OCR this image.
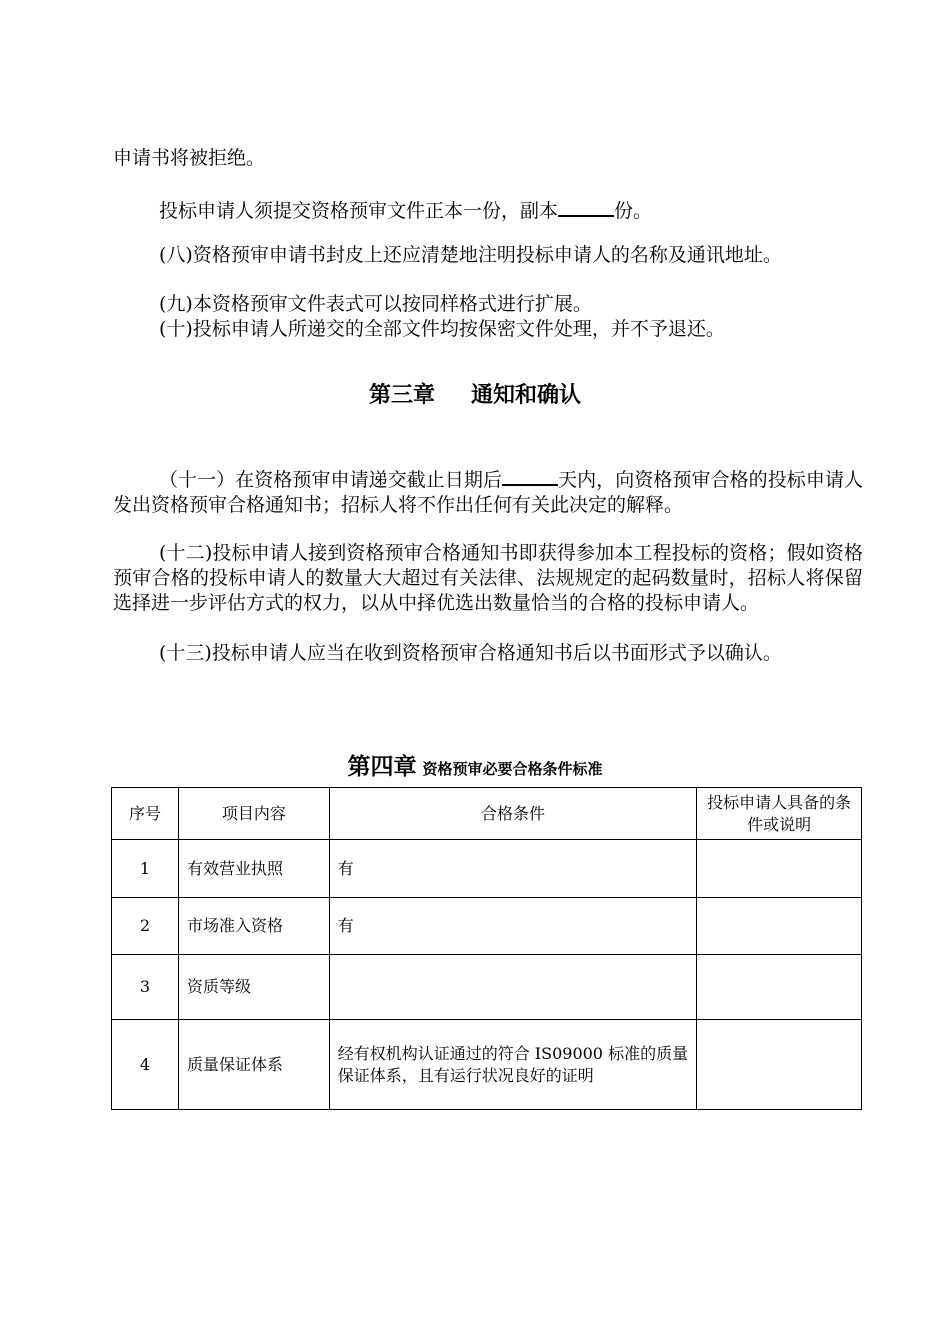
申请书将被拒绝。

投标申请人须提交资格预审文件正本一份，副本	份。

(八)资格预审申请书封皮上还应清楚地注明投标申请人的名称及通讯地址。

(九)本资格预审文件表式可以按同样格式进行扩展。

(十)投标申请人所递交的全部文件均按保密文件处理，并不予退还。

第三章 通知和确认

（十一）在资格预审申请递交截止日期后	天内，向资格预审合格的投标申请人发出资格预审合格通知书；招标人将不作出任何有关此决定的解释。

(十二)投标申请人接到资格预审合格通知书即获得参加本工程投标的资格；假如资格预审合格的投标申请人的数量大大超过有关法律、法规规定的起码数量时，招标人将保留选择进一步评估方式的权力，以从中择优选出数量恰当的合格的投标申请人。

(十三)投标申请人应当在收到资格预审合格通知书后以书面形式予以确认。

第四章 资格预审必要合格条件标准
序号	项目内容	合格条件	投标申请人具备的条件或说明
1	有效营业执照	有	
2	市场准入资格	有	
3	资质等级		
4	质量保证体系	经有权机构认证通过的符合 IS09000 标准的质量保证体系，且有运行状况良好的证明	
